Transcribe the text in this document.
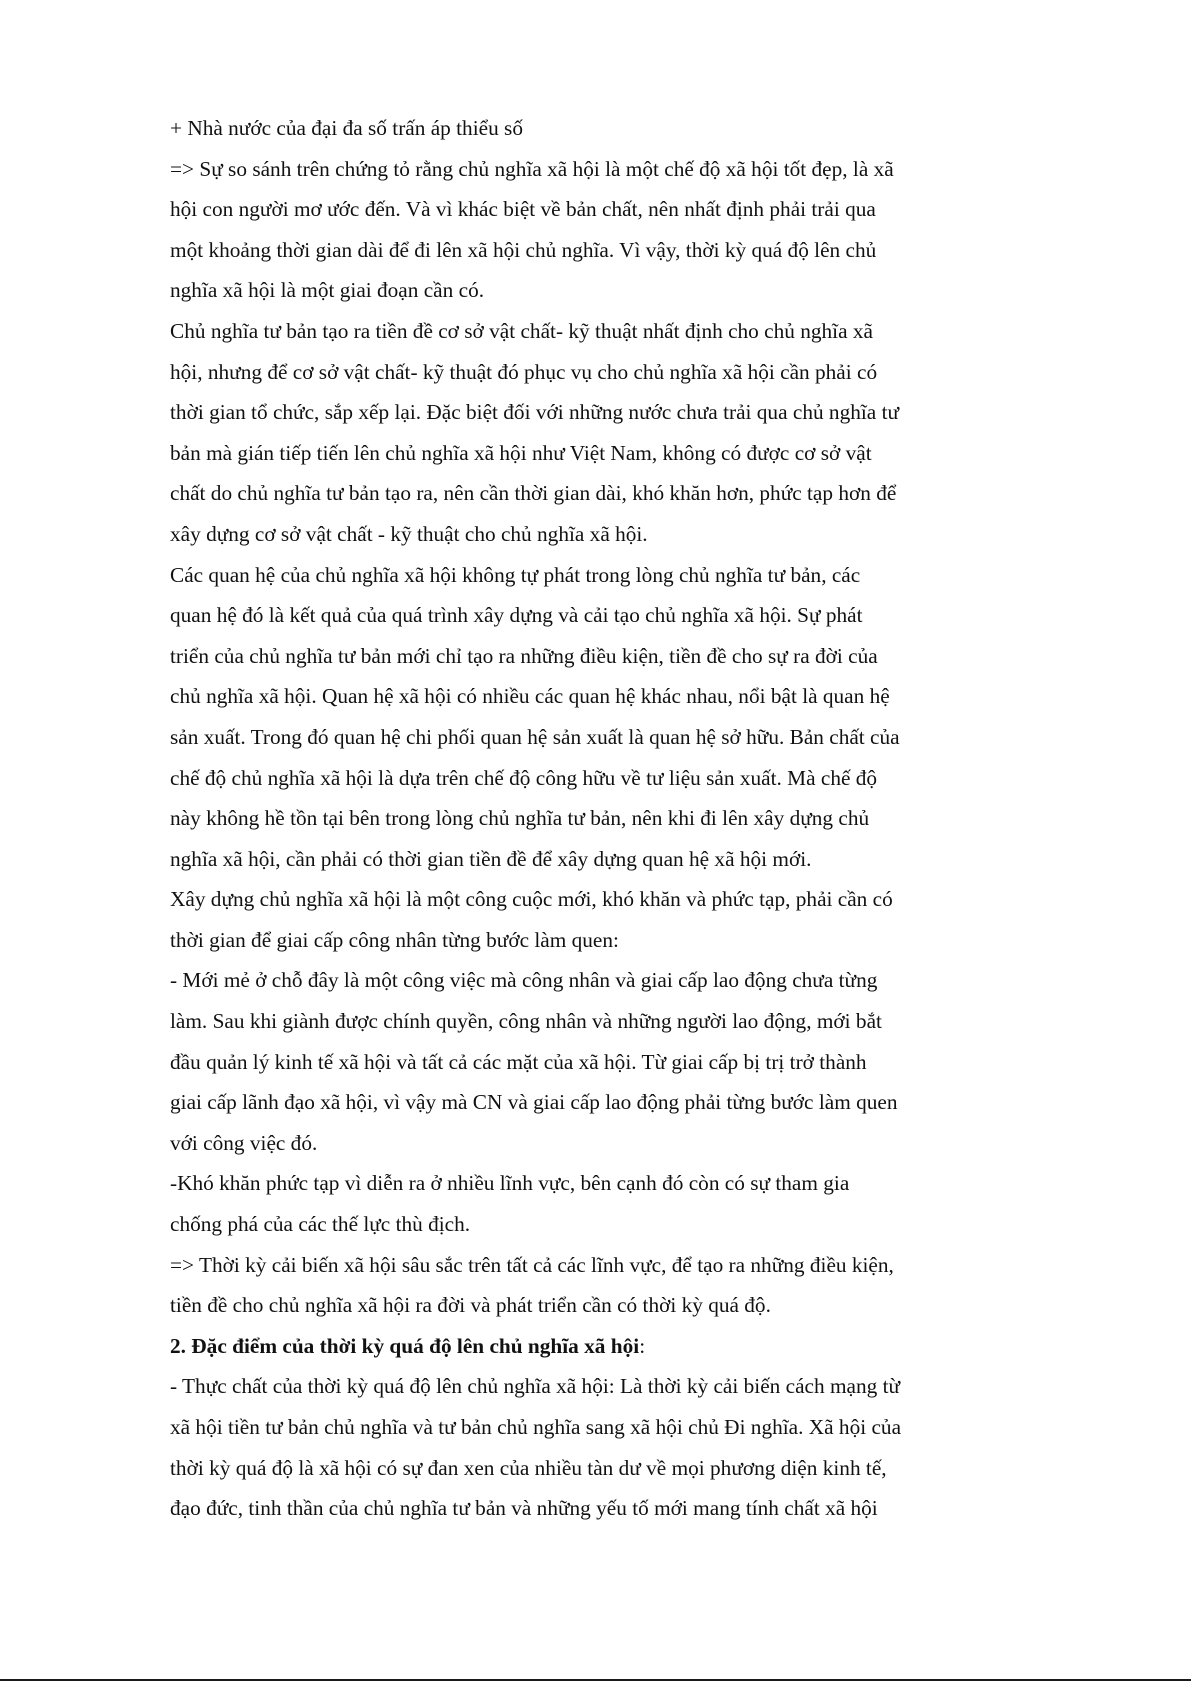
+ Nhà nước của đại đa số trấn áp thiểu số
=> Sự so sánh trên chứng tỏ rằng chủ nghĩa xã hội là một chế độ xã hội tốt đẹp, là xã
hội con người mơ ước đến. Và vì khác biệt về bản chất, nên nhất định phải trải qua
một khoảng thời gian dài để đi lên xã hội chủ nghĩa. Vì vậy, thời kỳ quá độ lên chủ
nghĩa xã hội là một giai đoạn cần có.
Chủ nghĩa tư bản tạo ra tiền đề cơ sở vật chất- kỹ thuật nhất định cho chủ nghĩa xã
hội, nhưng để cơ sở vật chất- kỹ thuật đó phục vụ cho chủ nghĩa xã hội cần phải có
thời gian tổ chức, sắp xếp lại. Đặc biệt đối với những nước chưa trải qua chủ nghĩa tư
bản mà gián tiếp tiến lên chủ nghĩa xã hội như Việt Nam, không có được cơ sở vật
chất do chủ nghĩa tư bản tạo ra, nên cần thời gian dài, khó khăn hơn, phức tạp hơn để
xây dựng cơ sở vật chất - kỹ thuật cho chủ nghĩa xã hội.
Các quan hệ của chủ nghĩa xã hội không tự phát trong lòng chủ nghĩa tư bản, các
quan hệ đó là kết quả của quá trình xây dựng và cải tạo chủ nghĩa xã hội. Sự phát
triển của chủ nghĩa tư bản mới chỉ tạo ra những điều kiện, tiền đề cho sự ra đời của
chủ nghĩa xã hội. Quan hệ xã hội có nhiều các quan hệ khác nhau, nổi bật là quan hệ
sản xuất. Trong đó quan hệ chi phối quan hệ sản xuất là quan hệ sở hữu. Bản chất của
chế độ chủ nghĩa xã hội là dựa trên chế độ công hữu về tư liệu sản xuất. Mà chế độ
này không hề tồn tại bên trong lòng chủ nghĩa tư bản, nên khi đi lên xây dựng chủ
nghĩa xã hội, cần phải có thời gian tiền đề để xây dựng quan hệ xã hội mới.
Xây dựng chủ nghĩa xã hội là một công cuộc mới, khó khăn và phức tạp, phải cần có
thời gian để giai cấp công nhân từng bước làm quen:
- Mới mẻ ở chỗ đây là một công việc mà công nhân và giai cấp lao động chưa từng
làm. Sau khi giành được chính quyền, công nhân và những người lao động, mới bắt
đầu quản lý kinh tế xã hội và tất cả các mặt của xã hội. Từ giai cấp bị trị trở thành
giai cấp lãnh đạo xã hội, vì vậy mà CN và giai cấp lao động phải từng bước làm quen
với công việc đó.
-Khó khăn phức tạp vì diễn ra ở nhiều lĩnh vực, bên cạnh đó còn có sự tham gia
chống phá của các thế lực thù địch.
=> Thời kỳ cải biến xã hội sâu sắc trên tất cả các lĩnh vực, để tạo ra những điều kiện,
tiền đề cho chủ nghĩa xã hội ra đời và phát triển cần có thời kỳ quá độ.
2. Đặc điểm của thời kỳ quá độ lên chủ nghĩa xã hội:
- Thực chất của thời kỳ quá độ lên chủ nghĩa xã hội: Là thời kỳ cải biến cách mạng từ
xã hội tiền tư bản chủ nghĩa và tư bản chủ nghĩa sang xã hội chủ Đi nghĩa. Xã hội của
thời kỳ quá độ là xã hội có sự đan xen của nhiều tàn dư về mọi phương diện kinh tế,
đạo đức, tinh thần của chủ nghĩa tư bản và những yếu tố mới mang tính chất xã hội
